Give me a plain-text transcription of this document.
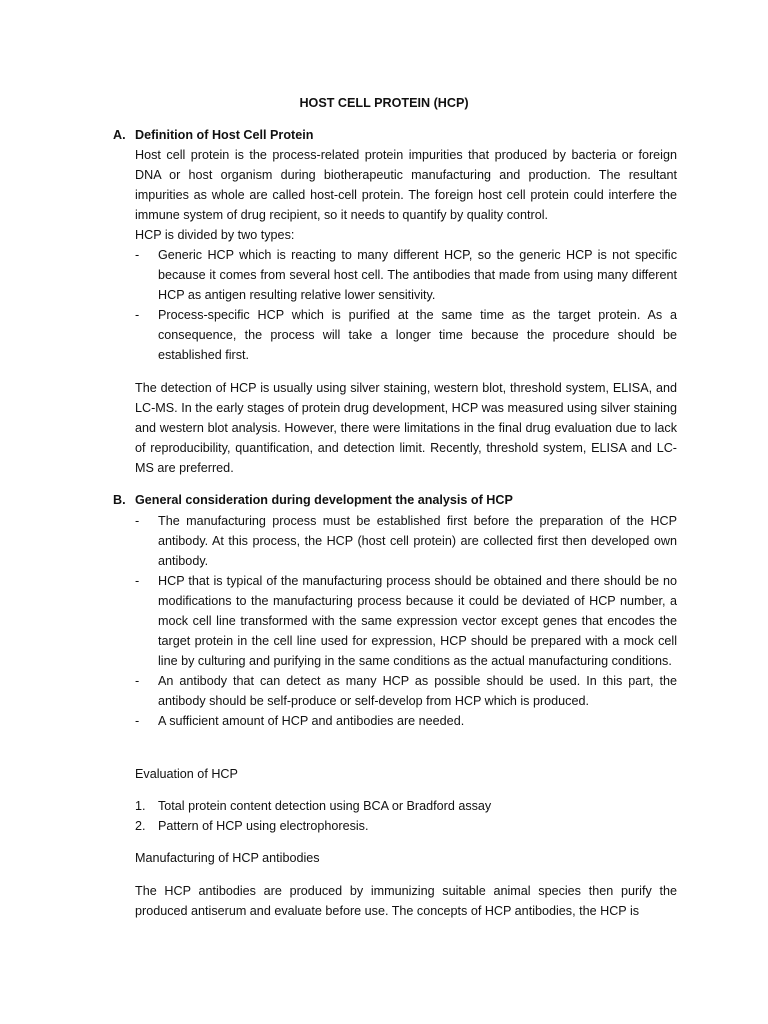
HOST CELL PROTEIN (HCP)
A. Definition of Host Cell Protein
Host cell protein is the process-related protein impurities that produced by bacteria or foreign DNA or host organism during biotherapeutic manufacturing and production. The resultant impurities as whole are called host-cell protein. The foreign host cell protein could interfere the immune system of drug recipient, so it needs to quantify by quality control.
HCP is divided by two types:
- Generic HCP which is reacting to many different HCP, so the generic HCP is not specific because it comes from several host cell. The antibodies that made from using many different HCP as antigen resulting relative lower sensitivity.
- Process-specific HCP which is purified at the same time as the target protein. As a consequence, the process will take a longer time because the procedure should be established first.
The detection of HCP is usually using silver staining, western blot, threshold system, ELISA, and LC-MS. In the early stages of protein drug development, HCP was measured using silver staining and western blot analysis. However, there were limitations in the final drug evaluation due to lack of reproducibility, quantification, and detection limit. Recently, threshold system, ELISA and LC-MS are preferred.
B. General consideration during development the analysis of HCP
- The manufacturing process must be established first before the preparation of the HCP antibody. At this process, the HCP (host cell protein) are collected first then developed own antibody.
- HCP that is typical of the manufacturing process should be obtained and there should be no modifications to the manufacturing process because it could be deviated of HCP number, a mock cell line transformed with the same expression vector except genes that encodes the target protein in the cell line used for expression, HCP should be prepared with a mock cell line by culturing and purifying in the same conditions as the actual manufacturing conditions.
- An antibody that can detect as many HCP as possible should be used. In this part, the antibody should be self-produce or self-develop from HCP which is produced.
- A sufficient amount of HCP and antibodies are needed.
Evaluation of HCP
1. Total protein content detection using BCA or Bradford assay
2. Pattern of HCP using electrophoresis.
Manufacturing of HCP antibodies
The HCP antibodies are produced by immunizing suitable animal species then purify the produced antiserum and evaluate before use. The concepts of HCP antibodies, the HCP is
